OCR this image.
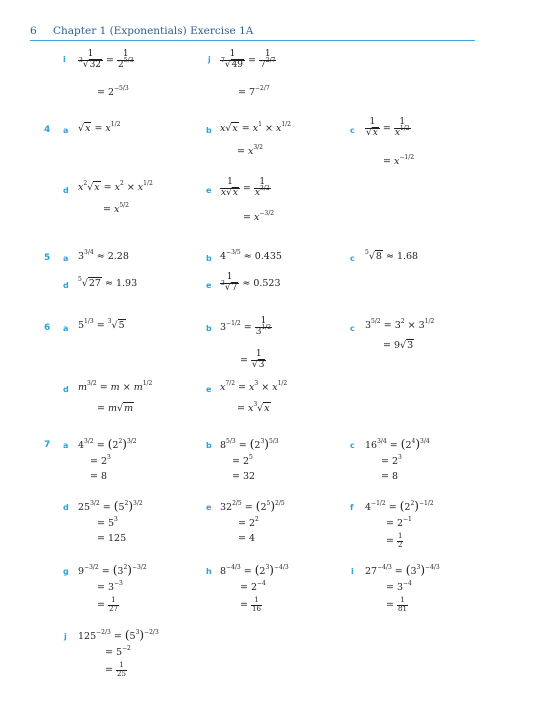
6 Chapter 1 (Exponentials) Exercise 1A
i $\frac{1}{^3√32} = \frac{1}{2^{5/3}}$
= $2^{-5/3}$
j $\frac{1}{^7√49} = \frac{1}{7^{2/7}}$
= $7^{-2/7}$
4 a $√x = x^{1/2}$
b $x√x = x^1 \times x^{1/2}$
= $x^{3/2}$
c $\frac{1}{√x} = \frac{1}{x^{1/2}}$
= $x^{-1/2}$
d $x^2√x = x^2 \times x^{1/2}$
= $x^{5/2}$
e $\frac{1}{x√x} = \frac{1}{x^{3/2}}$
= $x^{-3/2}$
5 a $3^{3/4} \approx 2.28$	b $4^{-3/5} \approx 0.435$	c
$^5$√8 ≈ 1.68
d
$^5$√27 ≈ 1.93	e $\frac{1}{^3√7} \approx 0.523$
6 a $5^{1/3} = ^3√5$	b $3^{-1/2} = \frac{1}{3^{1/2}}$
= $\frac{1}{√3}$
c $3^{5/2} = 3^2 \times 3^{1/2}$
= 9√3
d $m^{3/2} = m \times m^{1/2}$
= m√m
e $x^{7/2} = x^3 \times x^{1/2}$
= $x^3√x$
7 a $4^{3/2} = (2^2)^{3/2}$
= $2^3$
= 8
b $8^{5/3} = (2^3)^{5/3}$
= $2^5$
= 32
c $16^{3/4} = (2^4)^{3/4}$
= $2^3$
= 8
d $25^{3/2} = (5^2)^{3/2}$
= $5^3$
= 125
e $32^{2/5} = (2^5)^{2/5}$
= $2^2$
= 4
f $4^{-1/2} = (2^2)^{-1/2}$
= $2^{-1}$
= $\frac{1}{2}$
g $9^{-3/2} = (3^2)^{-3/2}$
= $3^{-3}$
= $\frac{1}{27}$
h $8^{-4/3} = (2^3)^{-4/3}$
= $2^{-4}$
= $\frac{1}{16}$
i $27^{-4/3} = (3^3)^{-4/3}$
= $3^{-4}$
= $\frac{1}{81}$
j $125^{-2/3} = (5^3)^{-2/3}$
= $5^{-2}$
= $\frac{1}{25}$
